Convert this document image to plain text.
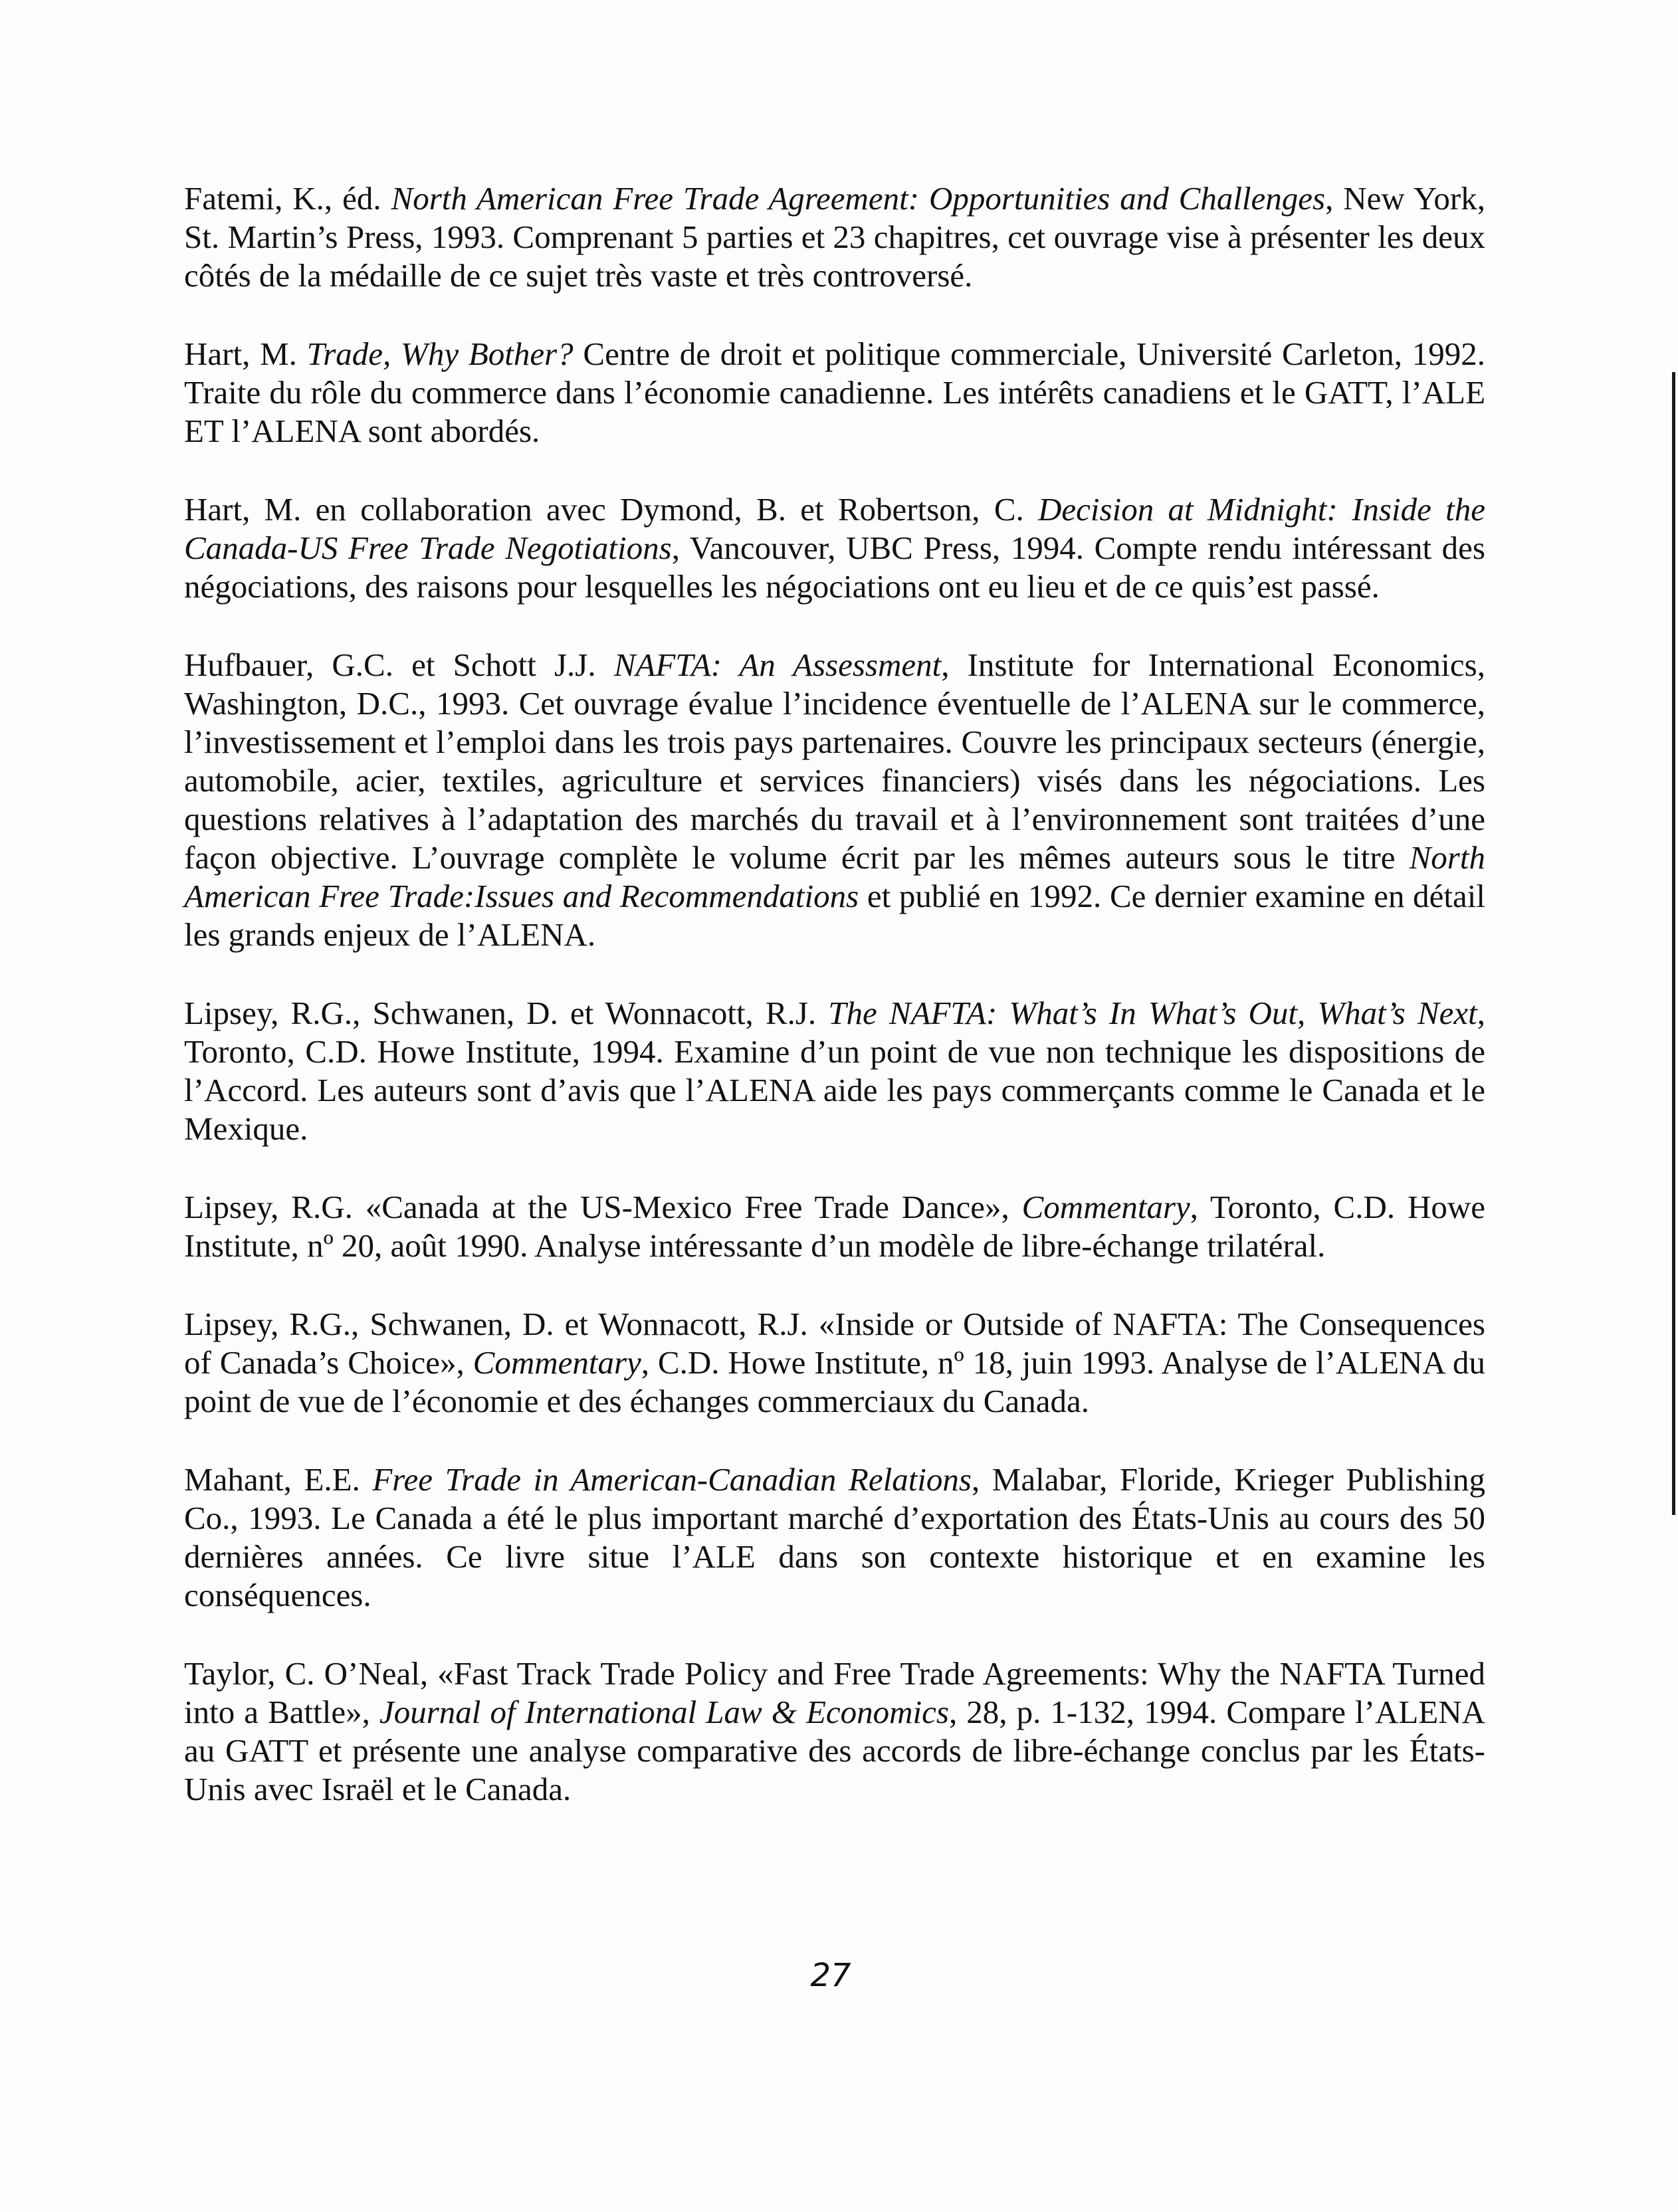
Fatemi, K., éd. North American Free Trade Agreement: Opportunities and Challenges, New York, St. Martin’s Press, 1993. Comprenant 5 parties et 23 chapitres, cet ouvrage vise à présenter les deux côtés de la médaille de ce sujet très vaste et très controversé.

Hart, M. Trade, Why Bother? Centre de droit et politique commerciale, Université Carleton, 1992. Traite du rôle du commerce dans l’économie canadienne. Les intérêts canadiens et le GATT, l’ALE ET l’ALENA sont abordés.

Hart, M. en collaboration avec Dymond, B. et Robertson, C. Decision at Midnight: Inside the Canada-US Free Trade Negotiations, Vancouver, UBC Press, 1994. Compte rendu intéressant des négociations, des raisons pour lesquelles les négociations ont eu lieu et de ce quis’est passé.

Hufbauer, G.C. et Schott J.J. NAFTA: An Assessment, Institute for International Economics, Washington, D.C., 1993. Cet ouvrage évalue l’incidence éventuelle de l’ALENA sur le commerce, l’investissement et l’emploi dans les trois pays partenaires. Couvre les principaux secteurs (énergie, automobile, acier, textiles, agriculture et services financiers) visés dans les négociations. Les questions relatives à l’adaptation des marchés du travail et à l’environnement sont traitées d’une façon objective. L’ouvrage complète le volume écrit par les mêmes auteurs sous le titre North American Free Trade:Issues and Recommendations et publié en 1992. Ce dernier examine en détail les grands enjeux de l’ALENA.

Lipsey, R.G., Schwanen, D. et Wonnacott, R.J. The NAFTA: What’s In What’s Out, What’s Next, Toronto, C.D. Howe Institute, 1994. Examine d’un point de vue non technique les dispositions de l’Accord. Les auteurs sont d’avis que l’ALENA aide les pays commerçants comme le Canada et le Mexique.

Lipsey, R.G. «Canada at the US-Mexico Free Trade Dance», Commentary, Toronto, C.D. Howe Institute, nº 20, août 1990. Analyse intéressante d’un modèle de libre-échange trilatéral.

Lipsey, R.G., Schwanen, D. et Wonnacott, R.J. «Inside or Outside of NAFTA: The Consequences of Canada’s Choice», Commentary, C.D. Howe Institute, nº 18, juin 1993. Analyse de l’ALENA du point de vue de l’économie et des échanges commerciaux du Canada.

Mahant, E.E. Free Trade in American-Canadian Relations, Malabar, Floride, Krieger Publishing Co., 1993. Le Canada a été le plus important marché d’exportation des États-Unis au cours des 50 dernières années. Ce livre situe l’ALE dans son contexte historique et en examine les conséquences.

Taylor, C. O’Neal, «Fast Track Trade Policy and Free Trade Agreements: Why the NAFTA Turned into a Battle», Journal of International Law & Economics, 28, p. 1-132, 1994. Compare l’ALENA au GATT et présente une analyse comparative des accords de libre-échange conclus par les États-Unis avec Israël et le Canada.

27
